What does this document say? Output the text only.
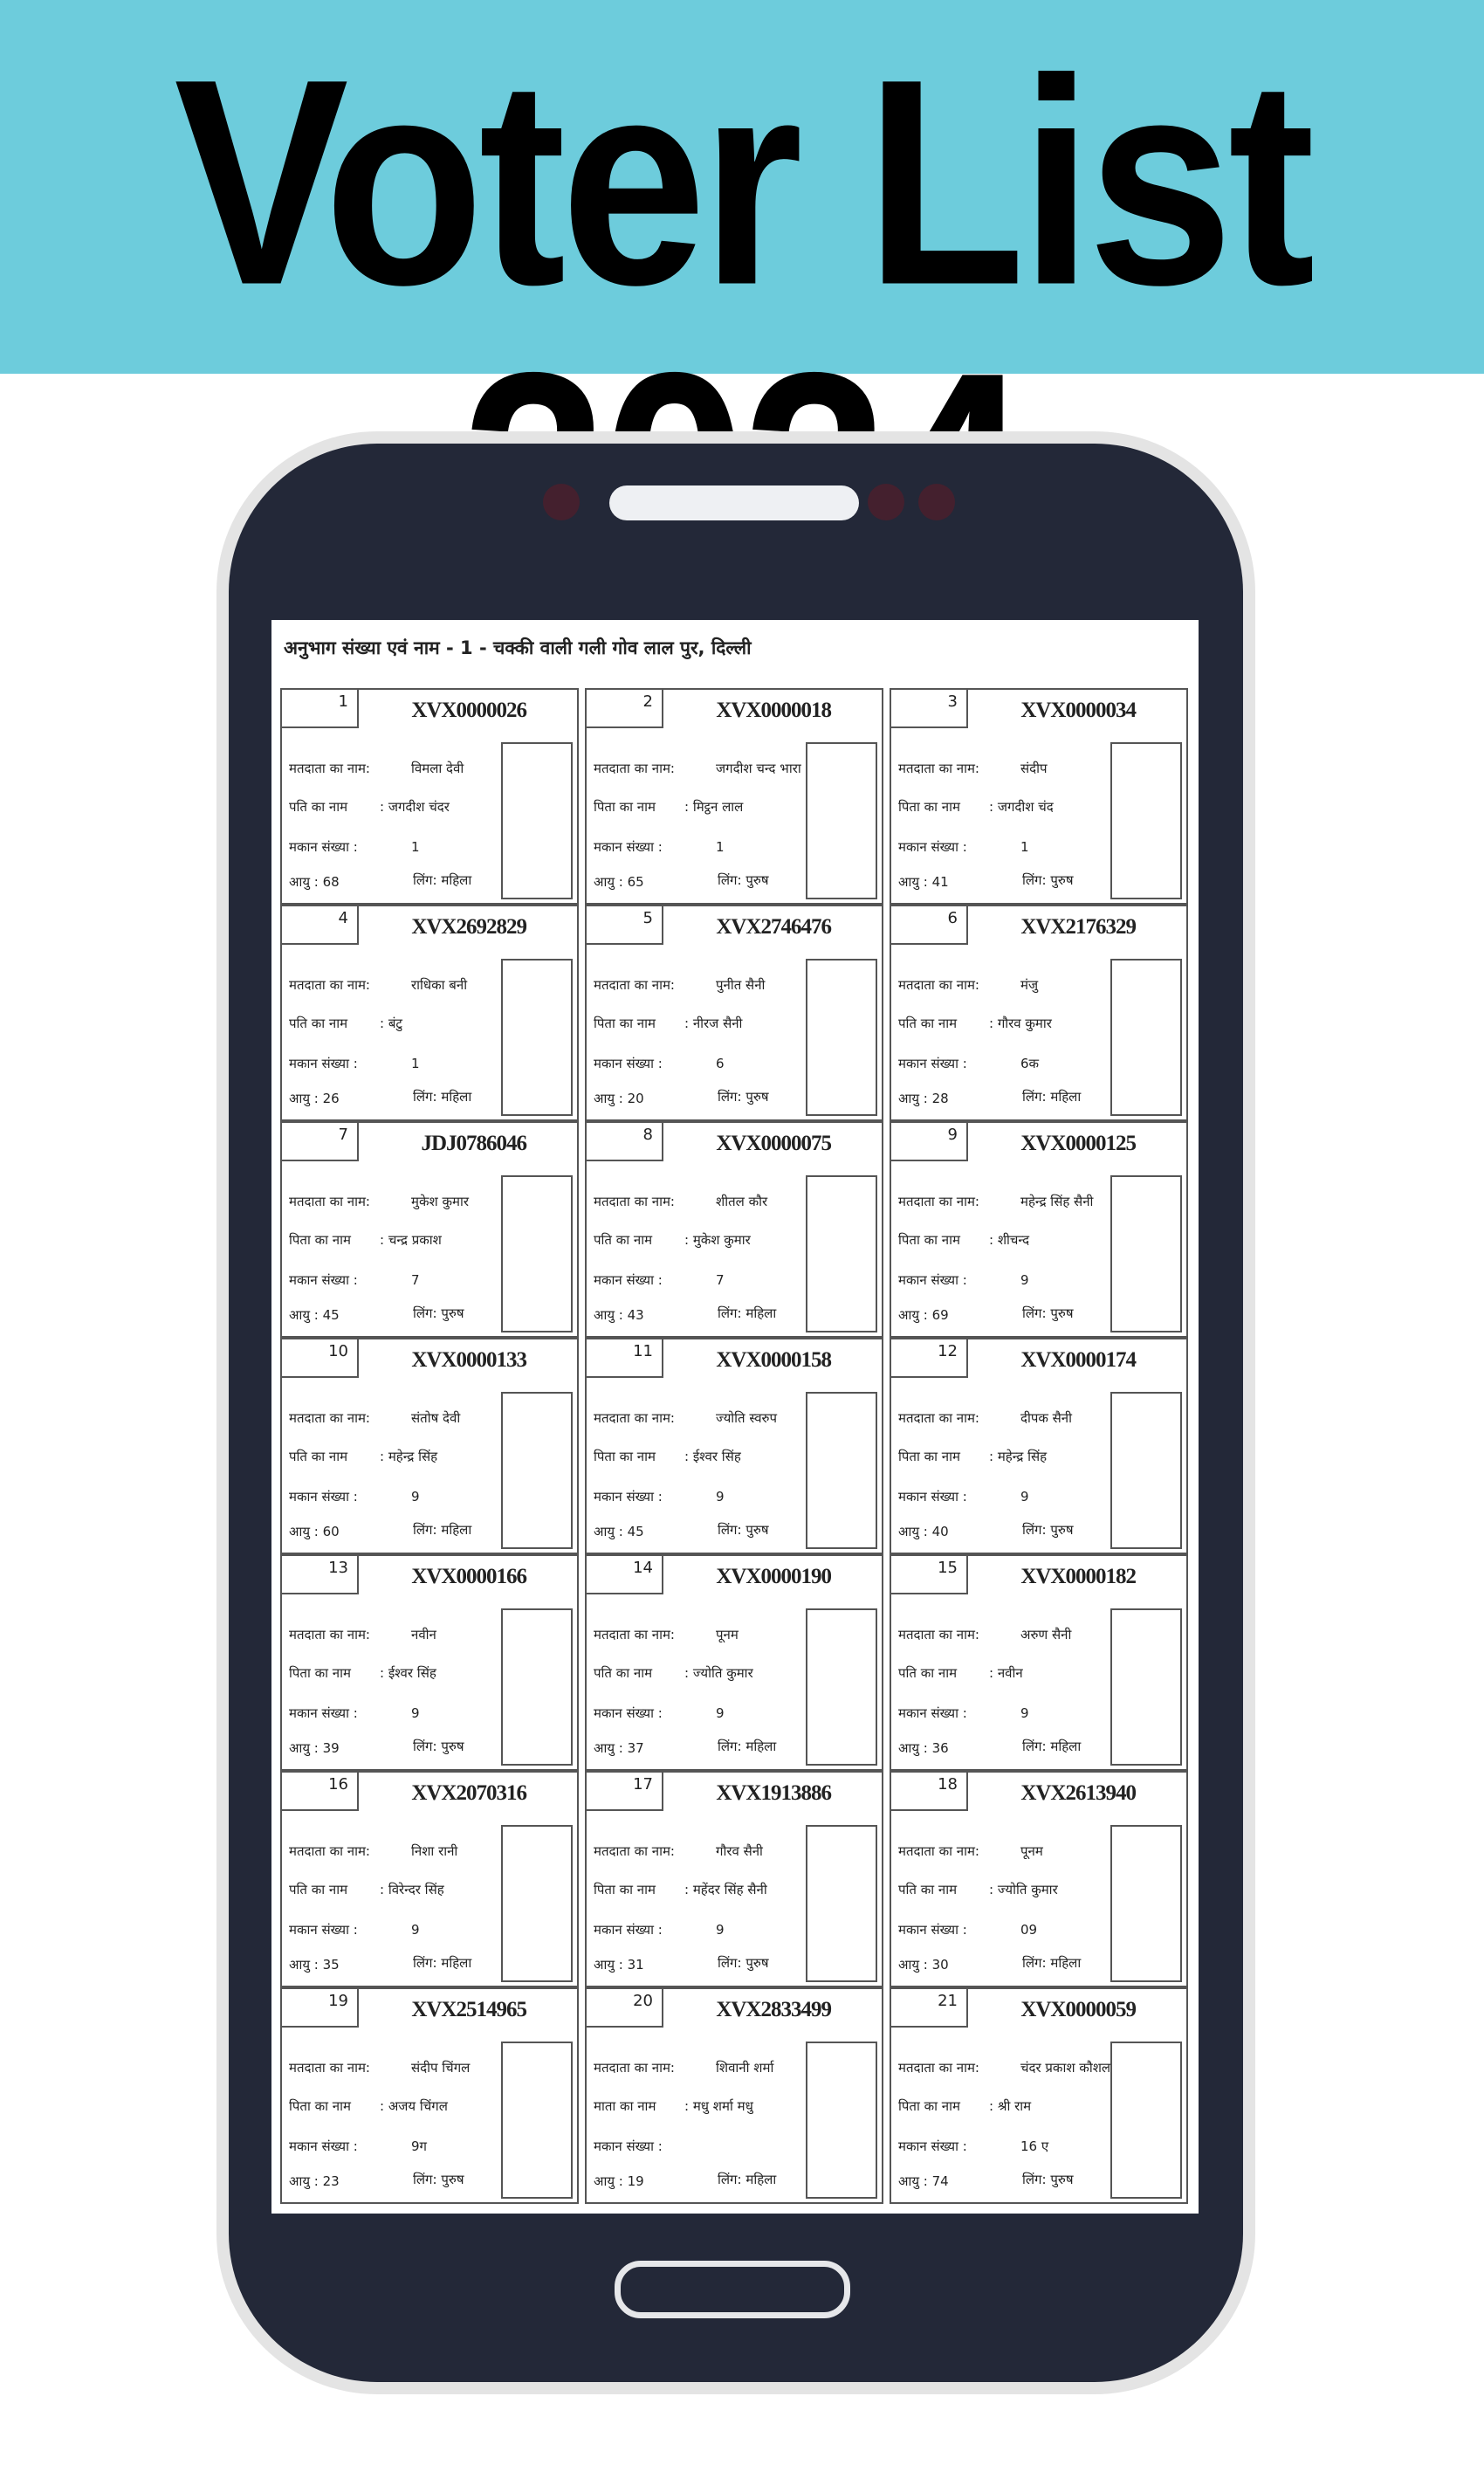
Voter List
अनुभाग संख्या एवं नाम - 1 - चक्की वाली गली गोव लाल पुर, दिल्ली
1	XVX0000026
मतदाता का नाम:	विमला देवी
पति का नाम : जगदीश चंदर
मकान संख्या :	1
आयु : 68	लिंग: महिला
2	XVX0000018
मतदाता का नाम:	जगदीश चन्द भारा
पिता का नाम : मिट्ठन लाल
मकान संख्या :	1
आयु : 65	लिंग: पुरुष
3	XVX0000034
मतदाता का नाम:	संदीप
पिता का नाम : जगदीश चंद
मकान संख्या :	1
आयु : 41	लिंग: पुरुष
4	XVX2692829
मतदाता का नाम:	राधिका बनी
पति का नाम : बंटु
मकान संख्या :	1
आयु : 26	लिंग: महिला
5	XVX2746476
मतदाता का नाम:	पुनीत सैनी
पिता का नाम : नीरज सैनी
मकान संख्या :	6
आयु : 20	लिंग: पुरुष
6	XVX2176329
मतदाता का नाम:	मंजु
पति का नाम : गौरव कुमार
मकान संख्या :	6क
आयु : 28	लिंग: महिला
7	JDJ0786046
मतदाता का नाम:	मुकेश कुमार
पिता का नाम : चन्द्र प्रकाश
मकान संख्या :	7
आयु : 45	लिंग: पुरुष
8	XVX0000075
मतदाता का नाम:	शीतल कौर
पति का नाम : मुकेश कुमार
मकान संख्या :	7
आयु : 43	लिंग: महिला
9	XVX0000125
मतदाता का नाम:	महेन्द्र सिंह सैनी
पिता का नाम : शीचन्द
मकान संख्या :	9
आयु : 69	लिंग: पुरुष
10	XVX0000133
मतदाता का नाम:	संतोष देवी
पति का नाम : महेन्द्र सिंह
मकान संख्या :	9
आयु : 60	लिंग: महिला
11	XVX0000158
मतदाता का नाम:	ज्योति स्वरुप
पिता का नाम : ईश्वर सिंह
मकान संख्या :	9
आयु : 45	लिंग: पुरुष
12	XVX0000174
मतदाता का नाम:	दीपक सैनी
पिता का नाम : महेन्द्र सिंह
मकान संख्या :	9
आयु : 40	लिंग: पुरुष
13	XVX0000166
मतदाता का नाम:	नवीन
पिता का नाम : ईश्वर सिंह
मकान संख्या :	9
आयु : 39	लिंग: पुरुष
14	XVX0000190
मतदाता का नाम:	पूनम
पति का नाम : ज्योति कुमार
मकान संख्या :	9
आयु : 37	लिंग: महिला
15	XVX0000182
मतदाता का नाम:	अरुण सैनी
पति का नाम : नवीन
मकान संख्या :	9
आयु : 36	लिंग: महिला
16	XVX2070316
मतदाता का नाम:	निशा रानी
पति का नाम : विरेन्दर सिंह
मकान संख्या :	9
आयु : 35	लिंग: महिला
17	XVX1913886
मतदाता का नाम:	गौरव सैनी
पिता का नाम : महेंदर सिंह सैनी
मकान संख्या :	9
आयु : 31	लिंग: पुरुष
18	XVX2613940
मतदाता का नाम:	पूनम
पति का नाम : ज्योति कुमार
मकान संख्या :	09
आयु : 30	लिंग: महिला
19	XVX2514965
मतदाता का नाम:	संदीप चिंगल
पिता का नाम : अजय चिंगल
मकान संख्या :	9ग
आयु : 23	लिंग: पुरुष
20	XVX2833499
मतदाता का नाम:	शिवानी शर्मा
माता का नाम : मधु शर्मा मधु
मकान संख्या :
आयु : 19	लिंग: महिला
21	XVX0000059
मतदाता का नाम:	चंदर प्रकाश कौशल
पिता का नाम : श्री राम
मकान संख्या :	16 ए
आयु : 74	लिंग: पुरुष
